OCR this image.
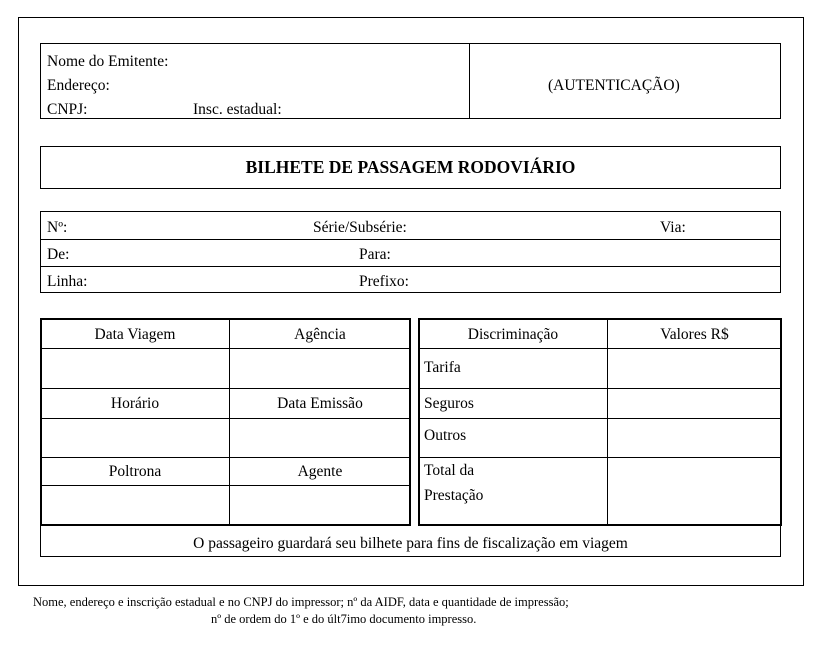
Nome do Emitente:
Endereço:
CNPJ:	Insc. estadual:
(AUTENTICAÇÃO)
BILHETE DE PASSAGEM RODOVIÁRIO
Nº:	Série/Subsérie:	Via:
De:	Para:
Linha:	Prefixo:
Data Viagem	Agência
Horário	Data Emissão
Poltrona	Agente
Discriminação	Valores R$
Tarifa
Seguros
Outros
Total da
Prestação
O passageiro guardará seu bilhete para fins de fiscalização em viagem
Nome, endereço e inscrição estadual e no CNPJ do impressor; nº da AIDF, data e quantidade de impressão;
nº de ordem do 1º e do últ7imo documento impresso.
